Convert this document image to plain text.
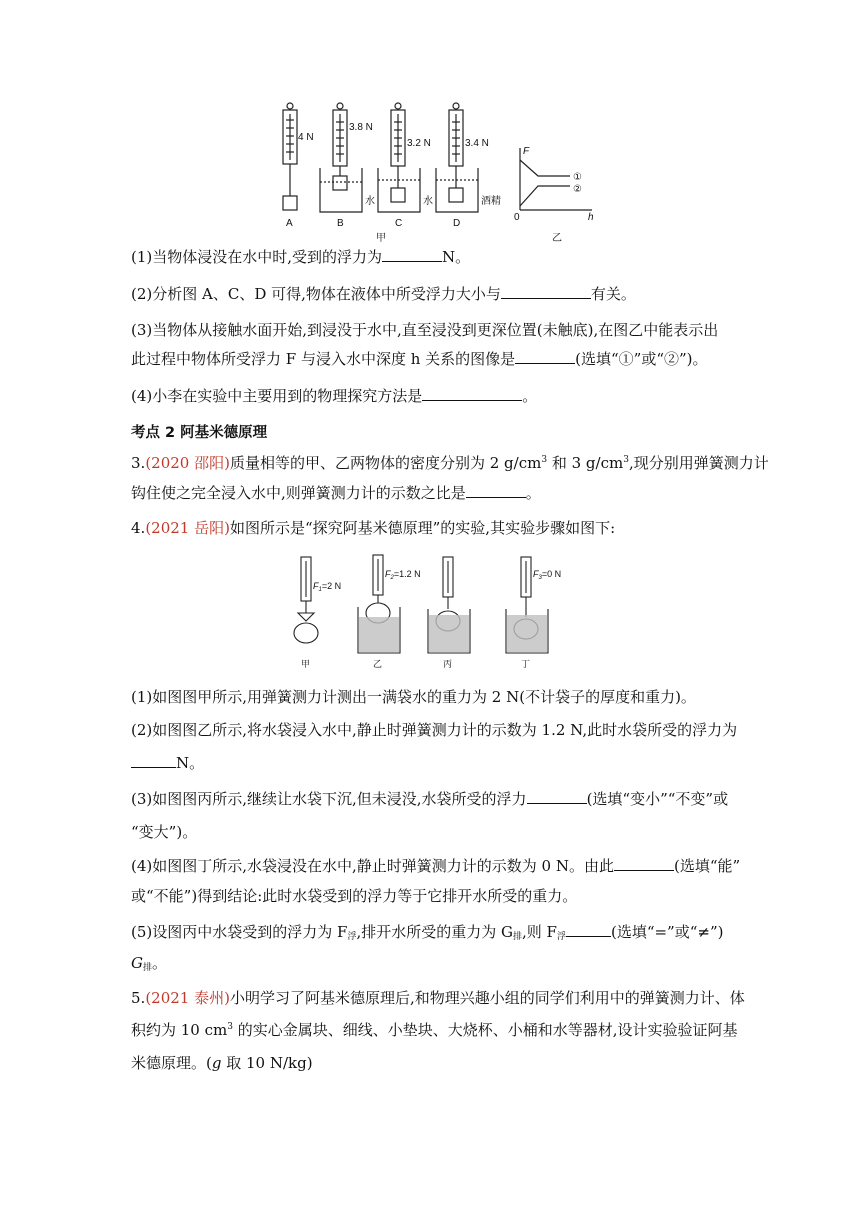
4 N
3.8 N
3.2 N	3.4 N
水	水	酒精
A	B	C	D
甲
F
h
0
①
②
乙
(1)当物体浸没在水中时,受到的浮力为	N。
(2)分析图 A、C、D 可得,物体在液体中所受浮力大小与	有关。
(3)当物体从接触水面开始,到浸没于水中,直至浸没到更深位置(未触底),在图乙中能表示出
此过程中物体所受浮力 F 与浸入水中深度 h 关系的图像是	(选填“①”或“②”)。
(4)小李在实验中主要用到的物理探究方法是	。
考点 2 阿基米德原理
3.(2020 邵阳)质量相等的甲、乙两物体的密度分别为 2 $g/cm^3$ 和 3 $g/cm^3$,现分别用弹簧测力计
钩住使之完全浸入水中,则弹簧测力计的示数之比是	。
4.(2021 岳阳)如图所示是“探究阿基米德原理”的实验,其实验步骤如图下:
$F_1=2$ N
$F_2=1.2$ N	$F_3=0$ N
甲	乙	丙	丁
(1)如图图甲所示,用弹簧测力计测出一满袋水的重力为 2 N(不计袋子的厚度和重力)。
(2)如图图乙所示,将水袋浸入水中,静止时弹簧测力计的示数为 1.2 N,此时水袋所受的浮力为
N。
(3)如图图丙所示,继续让水袋下沉,但未浸没,水袋所受的浮力	(选填“变小”“不变”或
“变大”)。
(4)如图图丁所示,水袋浸没在水中,静止时弹簧测力计的示数为 0 N。由此	(选填“能”
或“不能”)得到结论:此时水袋受到的浮力等于它排开水所受的重力。
(5)设图丙中水袋受到的浮力为 $F_浮$,排开水所受的重力为 $G_排$,则 $F_浮$	(选填“=”或“≠”)
$G_排$。
5.(2021 泰州)小明学习了阿基米德原理后,和物理兴趣小组的同学们利用中的弹簧测力计、体
积约为 10 $cm^3$ 的实心金属块、细线、小垫块、大烧杯、小桶和水等器材,设计实验验证阿基
米德原理。(g 取 10 N/kg)
